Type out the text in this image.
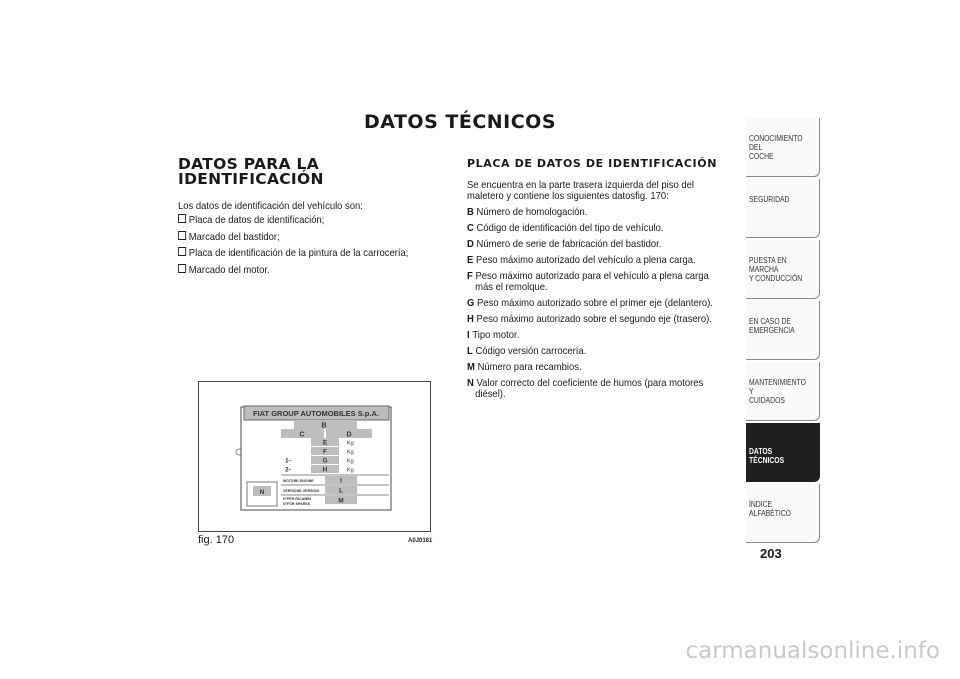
DATOS TÉCNICOS
DATOS PARA LA IDENTIFICACIÓN
Los datos de identificación del vehículo son:
Placa de datos de identificación;
Marcado del bastidor;
Placa de identificación de la pintura de la carrocería;
Marcado del motor.
FIAT GROUP AUTOMOBILES S.p.A.
B
C	D
E	Kg
F	Kg
1-	G	Kg
2-	H	Kg
MOTORE-ENGINE	I
VERSIONE-VERSION	L
N°PER RICAMBI
N°FOR SPARES	M
N
fig. 170	A0J0161
PLACA DE DATOS DE IDENTIFICACIÓN
Se encuentra en la parte trasera izquierda del piso del maletero y contiene los siguientes datosfig. 170:
B Número de homologación.
C Código de identificación del tipo de vehículo.
D Número de serie de fabricación del bastidor.
E Peso máximo autorizado del vehículo a plena carga.
F Peso máximo autorizado para el vehículo a plena carga más el remolque.
G Peso máximo autorizado sobre el primer eje (delantero).
H Peso máximo autorizado sobre el segundo eje (trasero).
I Tipo motor.
L Código versión carrocería.
M Número para recambios.
N Valor correcto del coeficiente de humos (para motores diésel).
CONOCIMIENTO DEL
COCHE
SEGURIDAD
PUESTA EN MARCHA
Y CONDUCCIÓN
EN CASO DE
EMERGENCIA
MANTENIMIENTO Y
CUIDADOS
DATOS TÉCNICOS
ÍNDICE ALFABÉTICO
203
carmanualsonline.info
